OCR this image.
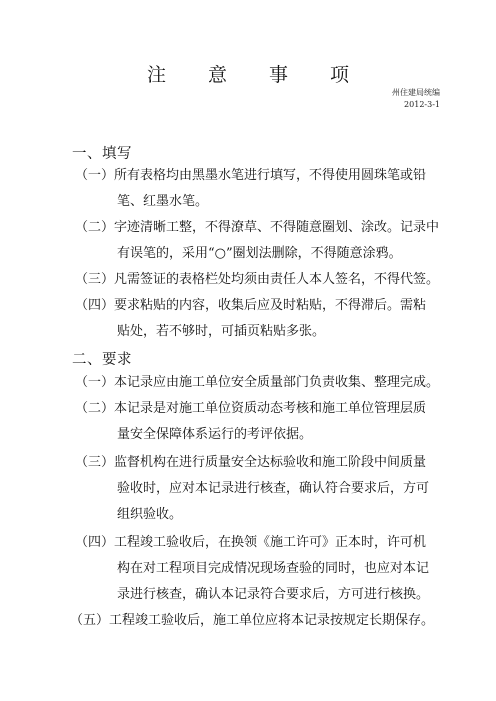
注 意 事 项
州住建局统编
2012-3-1
一、填写
（一）所有表格均由黑墨水笔进行填写，不得使用圆珠笔或铅
笔、红墨水笔。
（二）字迹清晰工整，不得潦草、不得随意圈划、涂改。记录中
有误笔的，采用“○”圈划法删除，不得随意涂鸦。
（三）凡需签证的表格栏处均须由责任人本人签名，不得代签。
（四）要求粘贴的内容，收集后应及时粘贴，不得滞后。需粘
贴处，若不够时，可插页粘贴多张。
二、要求
（一）本记录应由施工单位安全质量部门负责收集、整理完成。
（二）本记录是对施工单位资质动态考核和施工单位管理层质
量安全保障体系运行的考评依据。
（三）监督机构在进行质量安全达标验收和施工阶段中间质量
验收时，应对本记录进行核查，确认符合要求后，方可
组织验收。
（四）工程竣工验收后，在换领《施工许可》正本时，许可机
构在对工程项目完成情况现场查验的同时，也应对本记
录进行核查，确认本记录符合要求后，方可进行核换。
（五）工程竣工验收后，施工单位应将本记录按规定长期保存。
